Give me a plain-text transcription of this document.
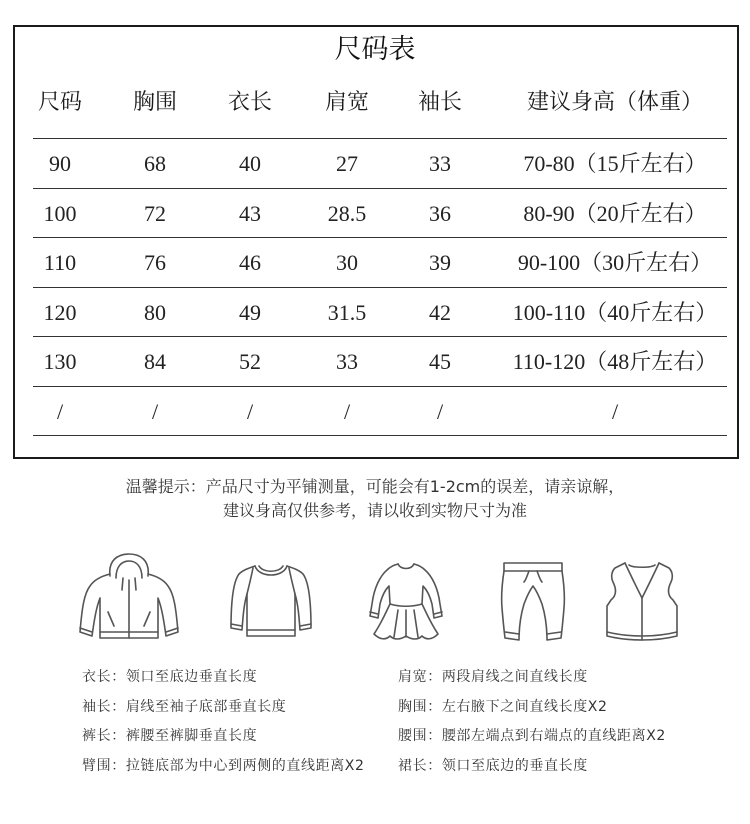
尺码表
尺码	胸围	衣长	肩宽	袖长	建议身高（体重）
90	68	40	27	33	70-80（15斤左右）
100	72	43	28.5	36	80-90（20斤左右）
110	76	46	30	39	90-100（30斤左右）
120	80	49	31.5	42	100-110（40斤左右）
130	84	52	33	45	110-120（48斤左右）
/	/	/	/	/	/
温馨提示：产品尺寸为平铺测量，可能会有1-2cm的误差，请亲谅解，
建议身高仅供参考，请以收到实物尺寸为准
衣长：领口至底边垂直长度
袖长：肩线至袖子底部垂直长度
裤长：裤腰至裤脚垂直长度
臂围：拉链底部为中心到两侧的直线距离X2
肩宽：两段肩线之间直线长度
胸围：左右腋下之间直线长度X2
腰围：腰部左端点到右端点的直线距离X2
裙长：领口至底边的垂直长度
